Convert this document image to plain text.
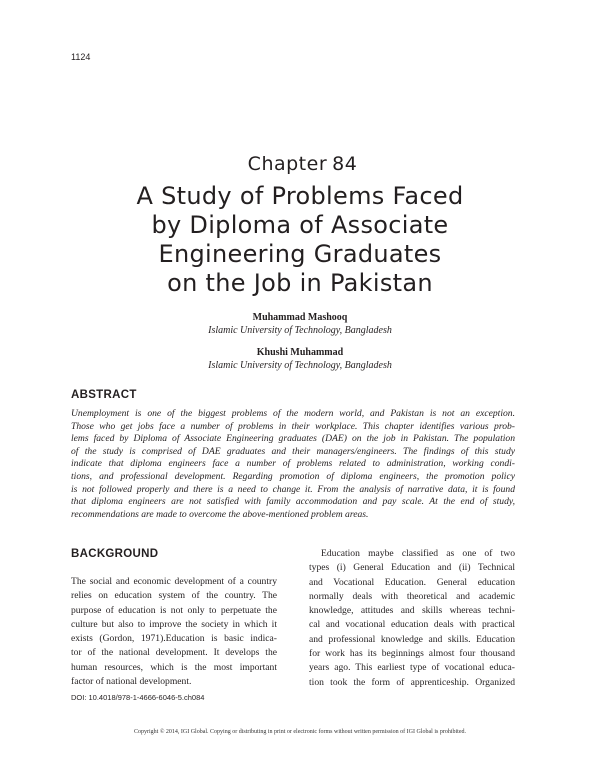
1124
Chapter 84
A Study of Problems Faced
by Diploma of Associate
Engineering Graduates
on the Job in Pakistan
Muhammad Mashooq
Islamic University of Technology, Bangladesh
Khushi Muhammad
Islamic University of Technology, Bangladesh
ABSTRACT
Unemployment is one of the biggest problems of the modern world, and Pakistan is not an exception.
Those who get jobs face a number of problems in their workplace. This chapter identifies various prob-
lems faced by Diploma of Associate Engineering graduates (DAE) on the job in Pakistan. The population
of the study is comprised of DAE graduates and their managers/engineers. The findings of this study
indicate that diploma engineers face a number of problems related to administration, working condi-
tions, and professional development. Regarding promotion of diploma engineers, the promotion policy
is not followed properly and there is a need to change it. From the analysis of narrative data, it is found
that diploma engineers are not satisfied with family accommodation and pay scale. At the end of study,
recommendations are made to overcome the above-mentioned problem areas.
BACKGROUND
The social and economic development of a country
relies on education system of the country. The
purpose of education is not only to perpetuate the
culture but also to improve the society in which it
exists (Gordon, 1971).Education is basic indica-
tor of the national development. It develops the
human resources, which is the most important
factor of national development.
Education maybe classified as one of two
types (i) General Education and (ii) Technical
and Vocational Education. General education
normally deals with theoretical and academic
knowledge, attitudes and skills whereas techni-
cal and vocational education deals with practical
and professional knowledge and skills. Education
for work has its beginnings almost four thousand
years ago. This earliest type of vocational educa-
tion took the form of apprenticeship. Organized
DOI: 10.4018/978-1-4666-6046-5.ch084
Copyright © 2014, IGI Global. Copying or distributing in print or electronic forms without written permission of IGI Global is prohibited.
